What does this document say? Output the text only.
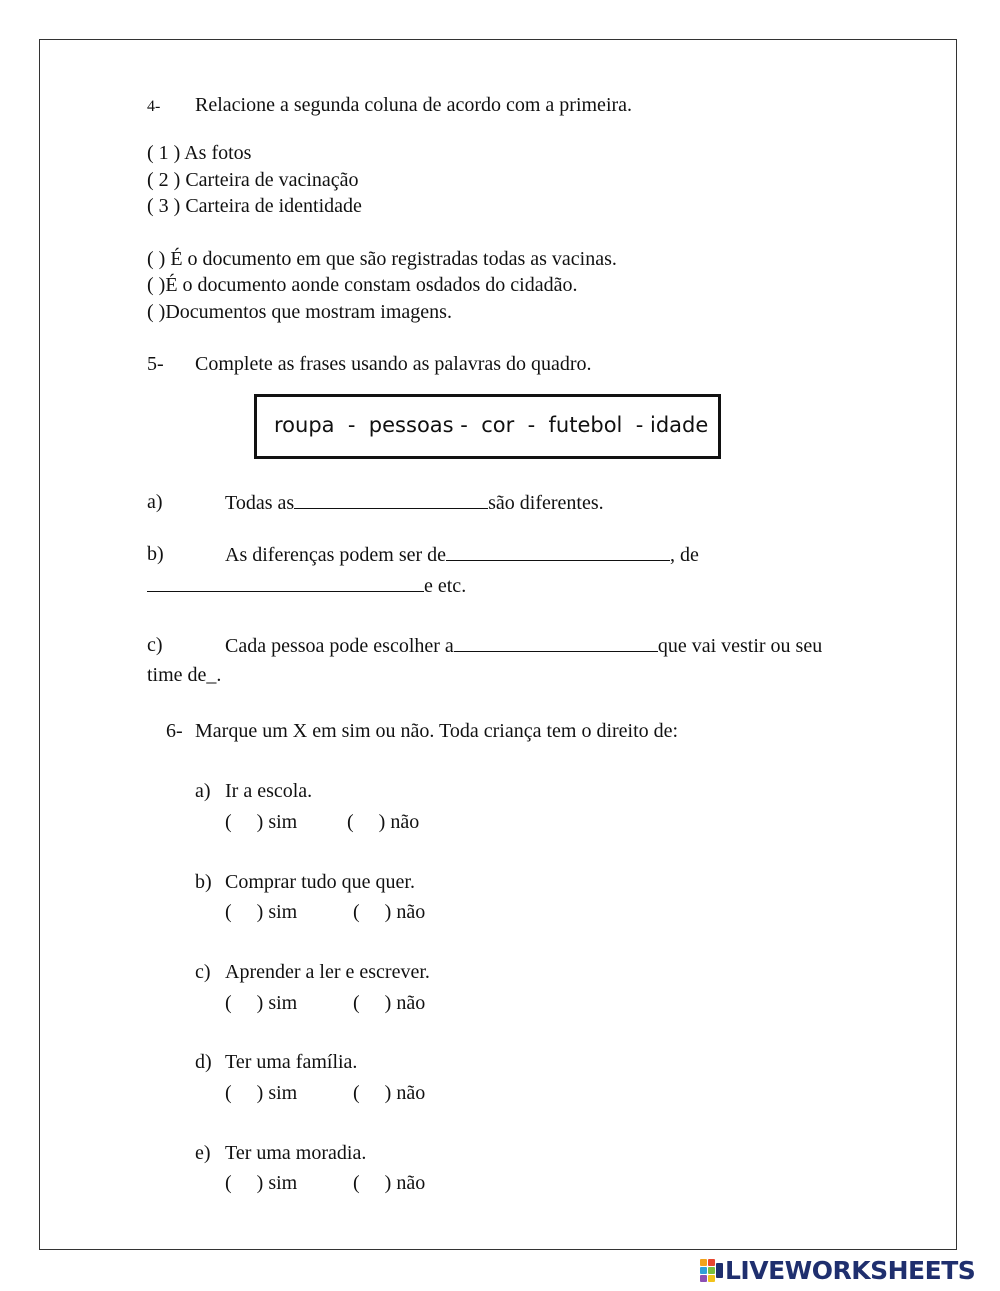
4- Relacione a segunda coluna de acordo com a primeira.
( 1 ) As fotos
( 2 ) Carteira de vacinação
( 3 ) Carteira de identidade
( ) É o documento em que são registradas todas as vacinas.
( )É o documento aonde constam osdados do cidadão.
( )Documentos que mostram imagens.
5- Complete as frases usando as palavras do quadro.
roupa  -  pessoas -  cor  -  futebol  - idade
a)	Todas as	são diferentes.
b)	As diferenças podem ser de	, de
e etc.
c)	Cada pessoa pode escolher a	que vai vestir ou seu
time de_.
6- Marque um X em sim ou não. Toda criança tem o direito de:
a) Ir a escola.
(     ) sim (     ) não
b) Comprar tudo que quer.
(     ) sim	(     ) não
c) Aprender a ler e escrever.
(     ) sim	(     ) não
d) Ter uma família.
(     ) sim	(     ) não
e) Ter uma moradia.
(     ) sim	(     ) não
LIVEWORKSHEETS
